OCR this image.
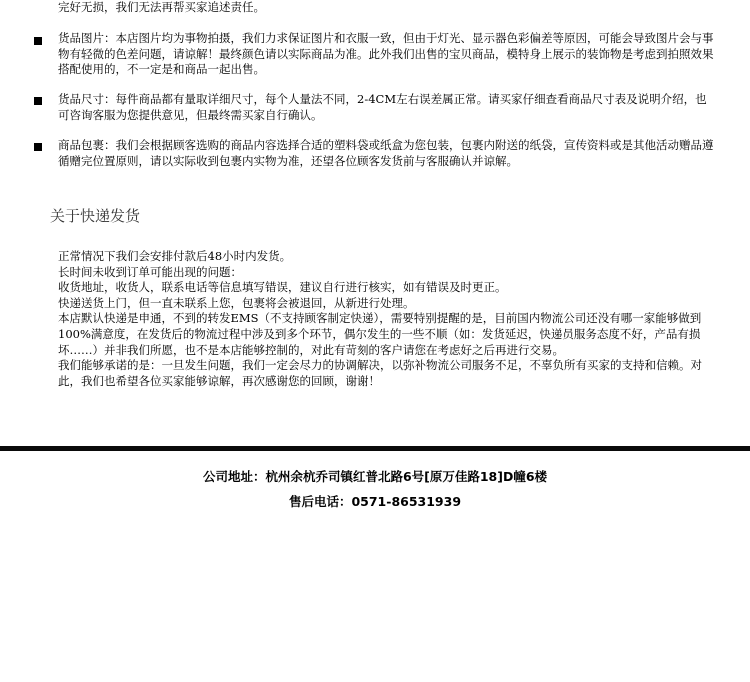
完好无损，我们无法再帮买家追述责任。
货品图片：本店图片均为事物拍摄，我们力求保证图片和衣服一致，但由于灯光、显示器色彩偏差等原因，可能会导致图片会与事物有轻微的色差问题，请谅解！最终颜色请以实际商品为准。此外我们出售的宝贝商品，模特身上展示的装饰物是考虑到拍照效果搭配使用的，不一定是和商品一起出售。
货品尺寸：每件商品都有量取详细尺寸，每个人量法不同，2-4CM左右误差属正常。请买家仔细查看商品尺寸表及说明介绍，也可咨询客服为您提供意见，但最终需买家自行确认。
商品包裹：我们会根据顾客选购的商品内容选择合适的塑料袋或纸盒为您包装，包裹内附送的纸袋，宣传资料或是其他活动赠品遵循赠完位置原则，请以实际收到包裹内实物为准，还望各位顾客发货前与客服确认并谅解。
关于快递发货

正常情况下我们会安排付款后48小时内发货。

长时间未收到订单可能出现的问题：

收货地址，收货人，联系电话等信息填写错误，建议自行进行核实，如有错误及时更正。

快递送货上门，但一直未联系上您，包裹将会被退回，从新进行处理。

本店默认快递是申通，不到的转发EMS（不支持顾客制定快递），需要特别提醒的是，目前国内物流公司还没有哪一家能够做到100%满意度，在发货后的物流过程中涉及到多个环节，偶尔发生的一些不顺（如：发货延迟，快递员服务态度不好，产品有损坏……）并非我们所愿，也不是本店能够控制的，对此有苛刻的客户请您在考虑好之后再进行交易。

我们能够承诺的是：一旦发生问题，我们一定会尽力的协调解决，以弥补物流公司服务不足，不辜负所有买家的支持和信赖。对此，我们也希望各位买家能够谅解，再次感谢您的回顾，谢谢！

公司地址：杭州余杭乔司镇红普北路6号[原万佳路18]D幢6楼
售后电话：0571-86531939
